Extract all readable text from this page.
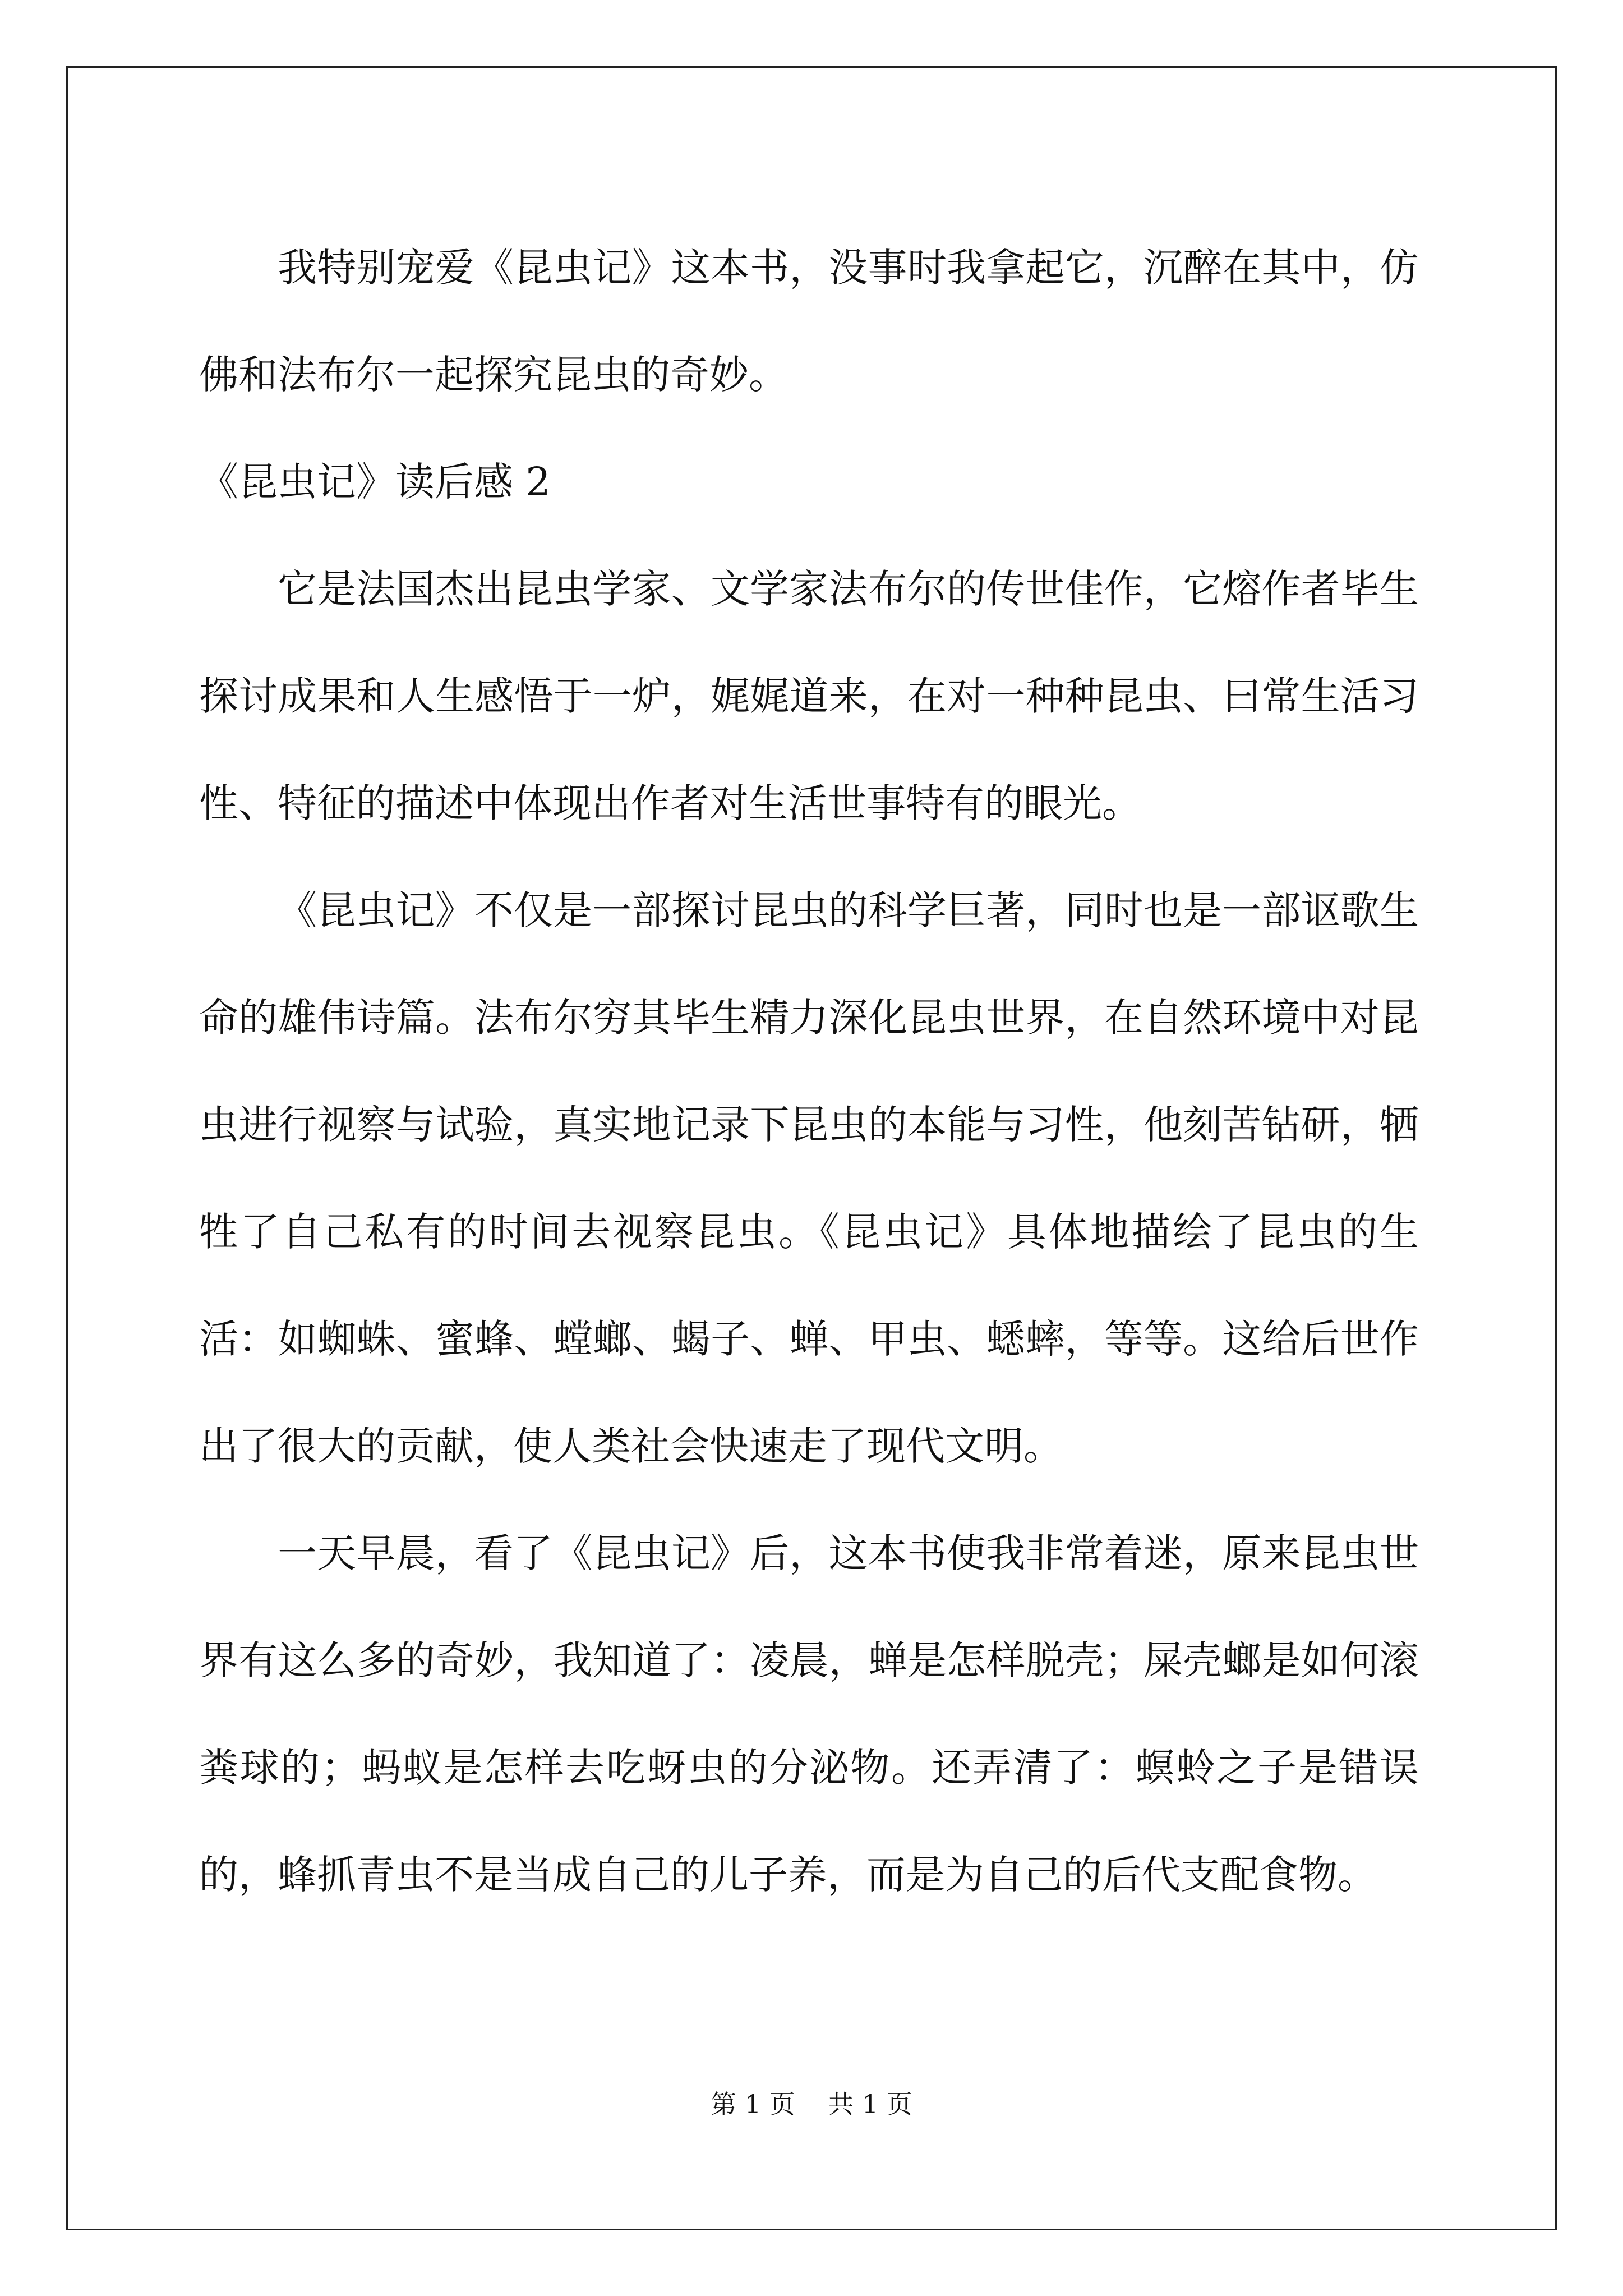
我特别宠爱《昆虫记》这本书，没事时我拿起它，沉醉在其中，仿佛和法布尔一起探究昆虫的奇妙。

《昆虫记》读后感 2

它是法国杰出昆虫学家、文学家法布尔的传世佳作，它熔作者毕生探讨成果和人生感悟于一炉，娓娓道来，在对一种种昆虫、曰常生活习性、特征的描述中体现出作者对生活世事特有的眼光。

《昆虫记》不仅是一部探讨昆虫的科学巨著，同时也是一部讴歌生命的雄伟诗篇。法布尔穷其毕生精力深化昆虫世界，在自然环境中对昆虫进行视察与试验，真实地记录下昆虫的本能与习性，他刻苦钻研，牺牲了自己私有的时间去视察昆虫。《昆虫记》具体地描绘了昆虫的生活：如蜘蛛、蜜蜂、螳螂、蝎子、蝉、甲虫、蟋蟀，等等。这给后世作出了很大的贡献，使人类社会快速走了现代文明。

一天早晨，看了《昆虫记》后，这本书使我非常着迷，原来昆虫世界有这么多的奇妙，我知道了：凌晨，蝉是怎样脱壳；屎壳螂是如何滚粪球的；蚂蚁是怎样去吃蚜虫的分泌物。还弄清了：螟蛉之子是错误的，蜂抓青虫不是当成自己的儿子养，而是为自己的后代支配食物。

第 1 页 共 1 页
